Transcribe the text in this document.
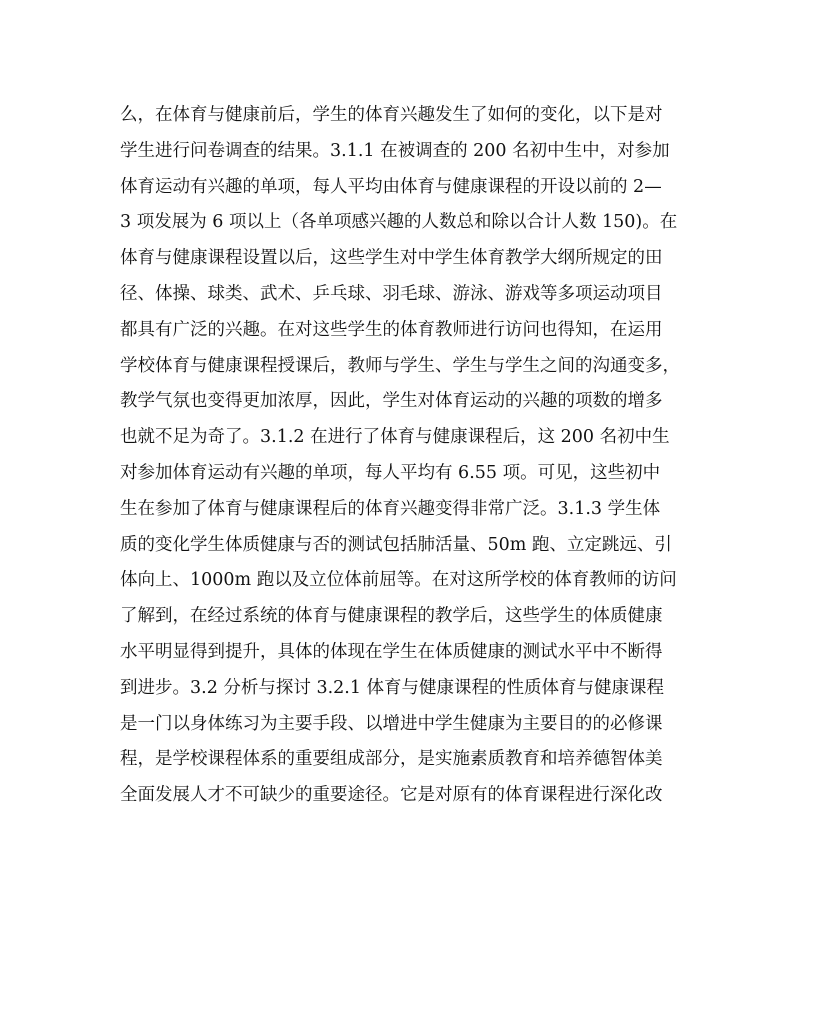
么，在体育与健康前后，学生的体育兴趣发生了如何的变化，以下是对
学生进行问卷调查的结果。3.1.1 在被调查的 200 名初中生中，对参加
体育运动有兴趣的单项，每人平均由体育与健康课程的开设以前的 2—
3 项发展为 6 项以上（各单项感兴趣的人数总和除以合计人数 150)。在
体育与健康课程设置以后，这些学生对中学生体育教学大纲所规定的田
径、体操、球类、武术、乒乓球、羽毛球、游泳、游戏等多项运动项目
都具有广泛的兴趣。在对这些学生的体育教师进行访问也得知，在运用
学校体育与健康课程授课后，教师与学生、学生与学生之间的沟通变多，
教学气氛也变得更加浓厚，因此，学生对体育运动的兴趣的项数的增多
也就不足为奇了。3.1.2 在进行了体育与健康课程后，这 200 名初中生
对参加体育运动有兴趣的单项，每人平均有 6.55 项。可见，这些初中
生在参加了体育与健康课程后的体育兴趣变得非常广泛。3.1.3 学生体
质的变化学生体质健康与否的测试包括肺活量、50m 跑、立定跳远、引
体向上、1000m 跑以及立位体前屈等。在对这所学校的体育教师的访问
了解到，在经过系统的体育与健康课程的教学后，这些学生的体质健康
水平明显得到提升，具体的体现在学生在体质健康的测试水平中不断得
到进步。3.2 分析与探讨 3.2.1 体育与健康课程的性质体育与健康课程
是一门以身体练习为主要手段、以增进中学生健康为主要目的的必修课
程，是学校课程体系的重要组成部分，是实施素质教育和培养德智体美
全面发展人才不可缺少的重要途径。它是对原有的体育课程进行深化改
